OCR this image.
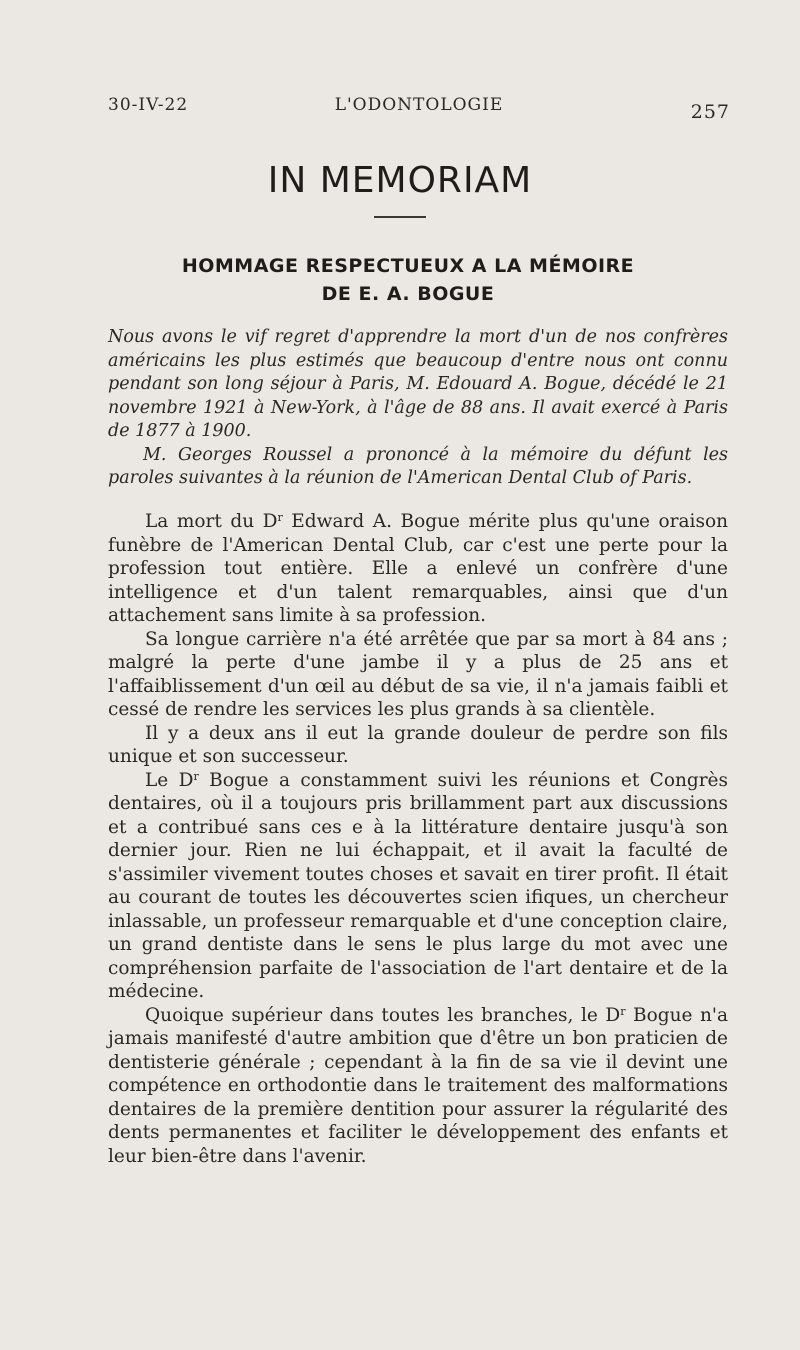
30-IV-22	L'ODONTOLOGIE	257
IN MEMORIAM
HOMMAGE RESPECTUEUX A LA MÉMOIRE
DE E. A. BOGUE

Nous avons le vif regret d'apprendre la mort d'un de nos confrères américains les plus estimés que beaucoup d'entre nous ont connu pendant son long séjour à Paris, M. Edouard A. Bogue, décédé le 21 novembre 1921 à New-York, à l'âge de 88 ans. Il avait exercé à Paris de 1877 à 1900.

M. Georges Roussel a prononcé à la mémoire du défunt les paroles suivantes à la réunion de l'American Dental Club of Paris.

La mort du $D^r$ Edward A. Bogue mérite plus qu'une oraison funèbre de l'American Dental Club, car c'est une perte pour la profession tout entière. Elle a enlevé un confrère d'une intelligence et d'un talent remarquables, ainsi que d'un attachement sans limite à sa profession.

Sa longue carrière n'a été arrêtée que par sa mort à 84 ans ; malgré la perte d'une jambe il y a plus de 25 ans et l'affaiblissement d'un œil au début de sa vie, il n'a jamais faibli et cessé de rendre les services les plus grands à sa clientèle.

Il y a deux ans il eut la grande douleur de perdre son fils unique et son successeur.

Le $D^r$ Bogue a constamment suivi les réunions et Congrès dentaires, où il a toujours pris brillamment part aux discussions et a contribué sans ces e à la littérature dentaire jusqu'à son dernier jour. Rien ne lui échappait, et il avait la faculté de s'assimiler vivement toutes choses et savait en tirer profit. Il était au courant de toutes les découvertes scien ifiques, un chercheur inlassable, un professeur remarquable et d'une conception claire, un grand dentiste dans le sens le plus large du mot avec une compréhension parfaite de l'association de l'art dentaire et de la médecine.

Quoique supérieur dans toutes les branches, le $D^r$ Bogue n'a jamais manifesté d'autre ambition que d'être un bon praticien de dentisterie générale ; cependant à la fin de sa vie il devint une compétence en orthodontie dans le traitement des malformations dentaires de la première dentition pour assurer la régularité des dents permanentes et faciliter le développement des enfants et leur bien-être dans l'avenir.
